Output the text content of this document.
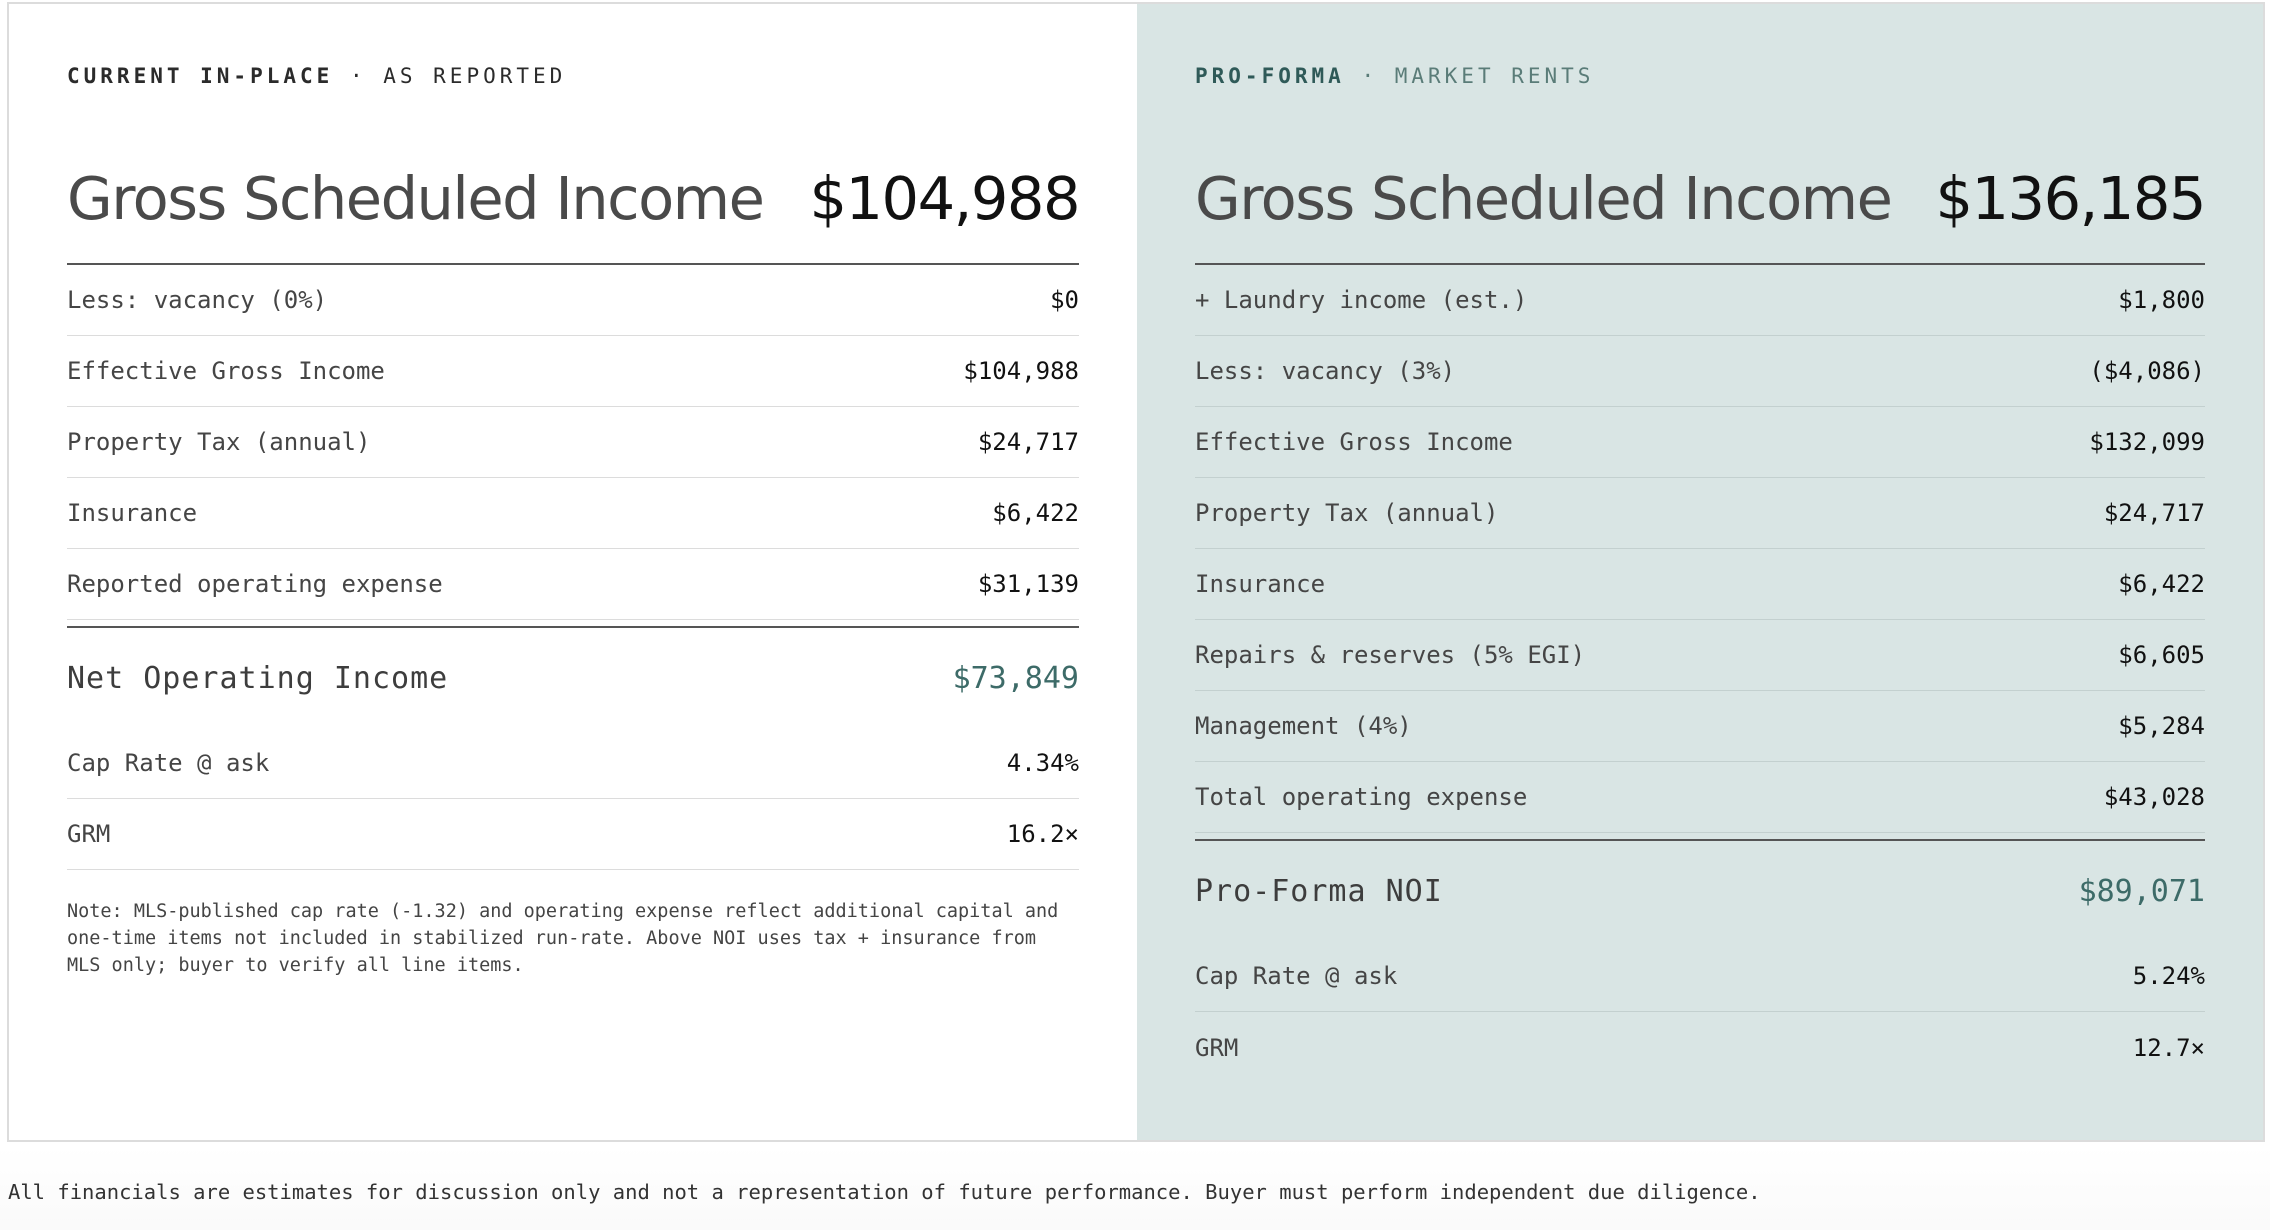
CURRENT IN-PLACE · AS REPORTED
Gross Scheduled Income $104,988
Less: vacancy (0%)	$0
Effective Gross Income	$104,988
Property Tax (annual)	$24,717
Insurance	$6,422
Reported operating expense	$31,139
Net Operating Income	$73,849
Cap Rate @ ask	4.34%
GRM	16.2×
Note: MLS-published cap rate (-1.32) and operating expense reflect additional capital and one-time items not included in stabilized run-rate. Above NOI uses tax + insurance from MLS only; buyer to verify all line items.
PRO-FORMA · MARKET RENTS
Gross Scheduled Income $136,185
+ Laundry income (est.)	$1,800
Less: vacancy (3%)	($4,086)
Effective Gross Income	$132,099
Property Tax (annual)	$24,717
Insurance	$6,422
Repairs & reserves (5% EGI)	$6,605
Management (4%)	$5,284
Total operating expense	$43,028
Pro-Forma NOI	$89,071
Cap Rate @ ask	5.24%
GRM	12.7×
All financials are estimates for discussion only and not a representation of future performance. Buyer must perform independent due diligence.
